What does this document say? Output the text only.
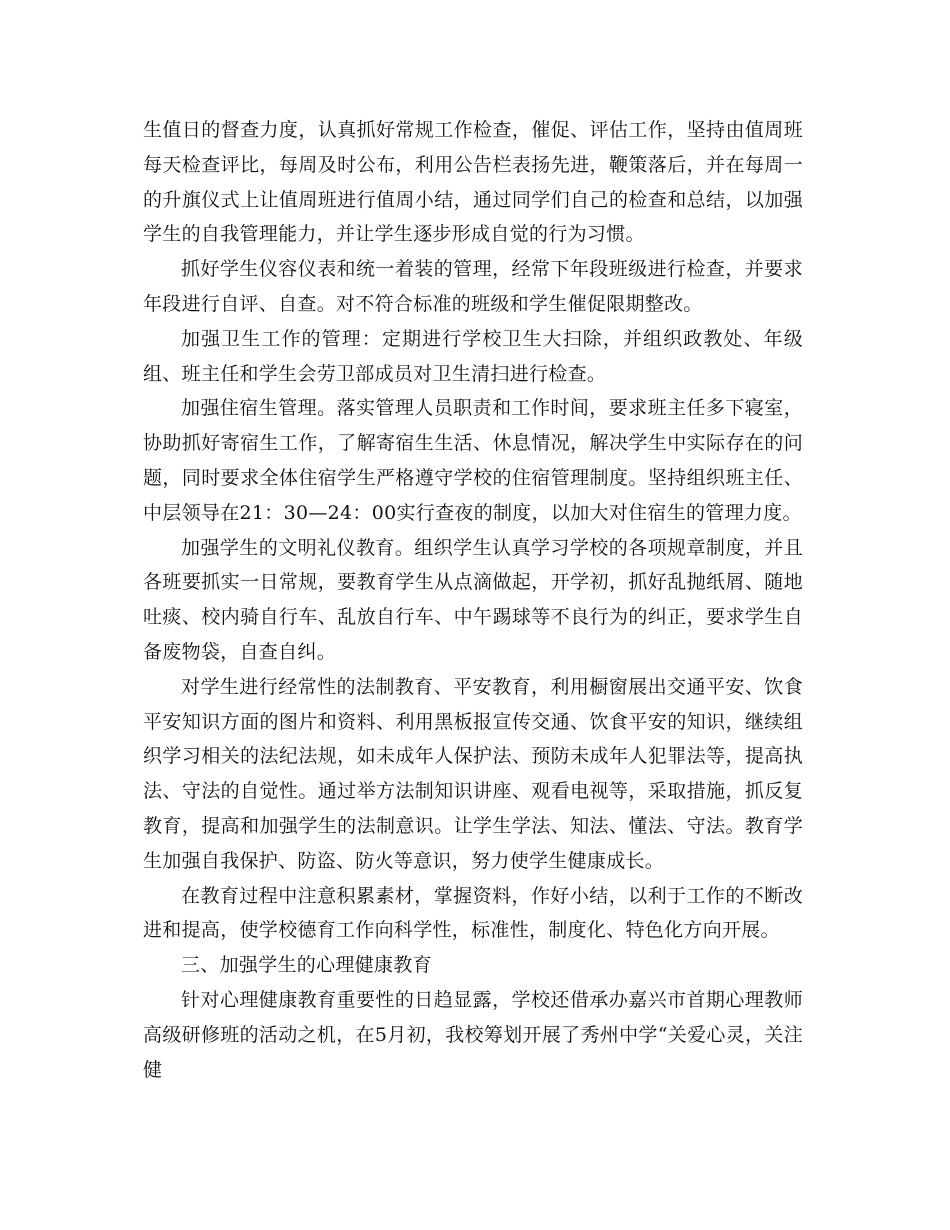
生值日的督查力度，认真抓好常规工作检查，催促、评估工作，坚持由值周班每天检查评比，每周及时公布，利用公告栏表扬先进，鞭策落后，并在每周一的升旗仪式上让值周班进行值周小结，通过同学们自己的检查和总结，以加强学生的自我管理能力，并让学生逐步形成自觉的行为习惯。

抓好学生仪容仪表和统一着装的管理，经常下年段班级进行检查，并要求年段进行自评、自查。对不符合标准的班级和学生催促限期整改。

加强卫生工作的管理：定期进行学校卫生大扫除，并组织政教处、年级组、班主任和学生会劳卫部成员对卫生清扫进行检查。

加强住宿生管理。落实管理人员职责和工作时间，要求班主任多下寝室，协助抓好寄宿生工作，了解寄宿生生活、休息情况，解决学生中实际存在的问题，同时要求全体住宿学生严格遵守学校的住宿管理制度。坚持组织班主任、中层领导在21：30—24：00实行查夜的制度，以加大对住宿生的管理力度。

加强学生的文明礼仪教育。组织学生认真学习学校的各项规章制度，并且各班要抓实一日常规，要教育学生从点滴做起，开学初，抓好乱抛纸屑、随地吐痰、校内骑自行车、乱放自行车、中午踢球等不良行为的纠正，要求学生自备废物袋，自查自纠。

对学生进行经常性的法制教育、平安教育，利用橱窗展出交通平安、饮食平安知识方面的图片和资料、利用黑板报宣传交通、饮食平安的知识，继续组织学习相关的法纪法规，如未成年人保护法、预防未成年人犯罪法等，提高执法、守法的自觉性。通过举方法制知识讲座、观看电视等，采取措施，抓反复教育，提高和加强学生的法制意识。让学生学法、知法、懂法、守法。教育学生加强自我保护、防盗、防火等意识，努力使学生健康成长。

在教育过程中注意积累素材，掌握资料，作好小结，以利于工作的不断改进和提高，使学校德育工作向科学性，标准性，制度化、特色化方向开展。

三、加强学生的心理健康教育

针对心理健康教育重要性的日趋显露，学校还借承办嘉兴市首期心理教师高级研修班的活动之机，在5月初，我校筹划开展了秀州中学“关爱心灵，关注健
